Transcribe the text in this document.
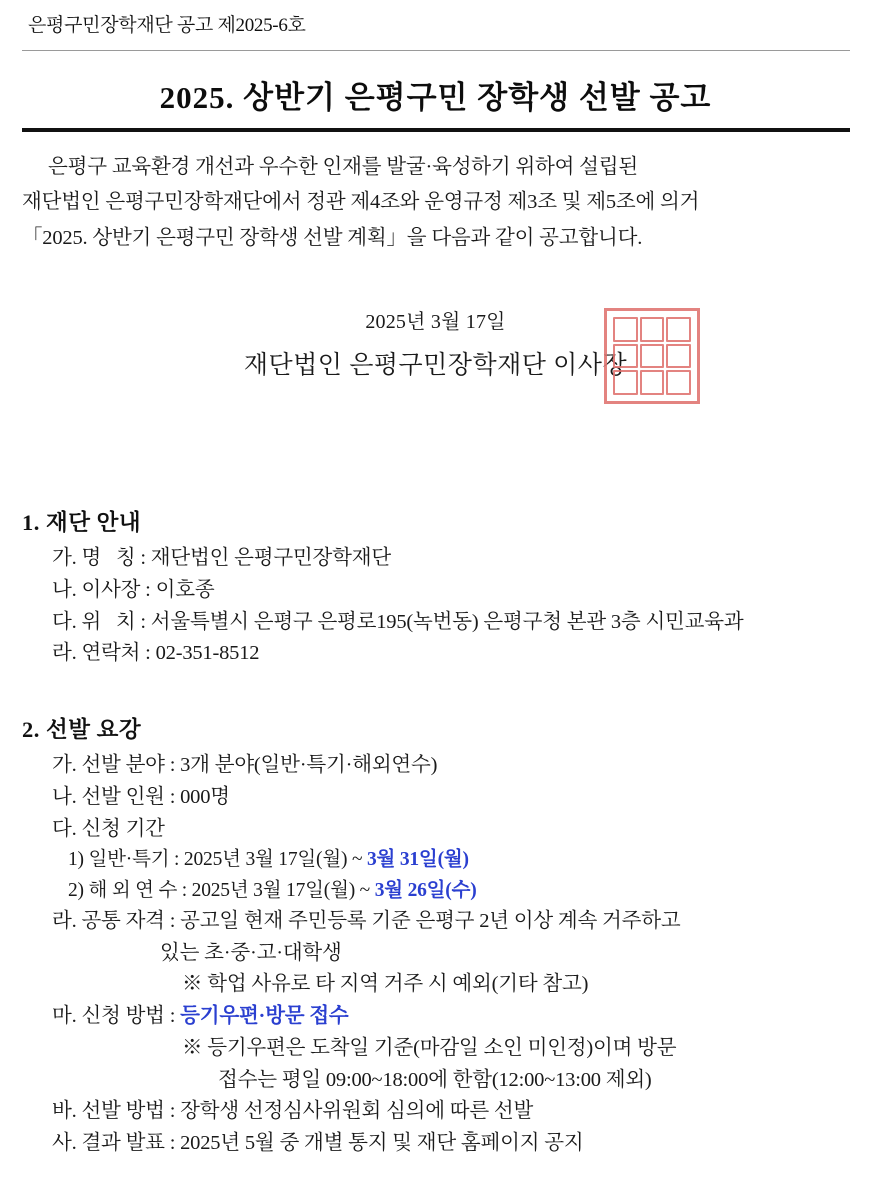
은평구민장학재단 공고 제2025-6호
2025. 상반기 은평구민 장학생 선발 공고
은평구 교육환경 개선과 우수한 인재를 발굴·육성하기 위하여 설립된
재단법인 은평구민장학재단에서 정관 제4조와 운영규정 제3조 및 제5조에 의거
「2025. 상반기 은평구민 장학생 선발 계획」을 다음과 같이 공고합니다.
2025년 3월 17일
재단법인 은평구민장학재단 이사장
1. 재단 안내
가. 명   칭 : 재단법인 은평구민장학재단
나. 이사장 : 이호종
다. 위   치 : 서울특별시 은평구 은평로195(녹번동) 은평구청 본관 3층 시민교육과
라. 연락처 : 02-351-8512
2. 선발 요강
가. 선발 분야 : 3개 분야(일반·특기·해외연수)
나. 선발 인원 : 000명
다. 신청 기간
1) 일반·특기 : 2025년 3월 17일(월) ~ 3월 31일(월)
2) 해 외 연 수 : 2025년 3월 17일(월) ~ 3월 26일(수)
라. 공통 자격 : 공고일 현재 주민등록 기준 은평구 2년 이상 계속 거주하고
있는 초·중·고·대학생
※ 학업 사유로 타 지역 거주 시 예외(기타 참고)
마. 신청 방법 : 등기우편·방문 접수
※ 등기우편은 도착일 기준(마감일 소인 미인정)이며 방문
접수는 평일 09:00~18:00에 한함(12:00~13:00 제외)
바. 선발 방법 : 장학생 선정심사위원회 심의에 따른 선발
사. 결과 발표 : 2025년 5월 중 개별 통지 및 재단 홈페이지 공지
